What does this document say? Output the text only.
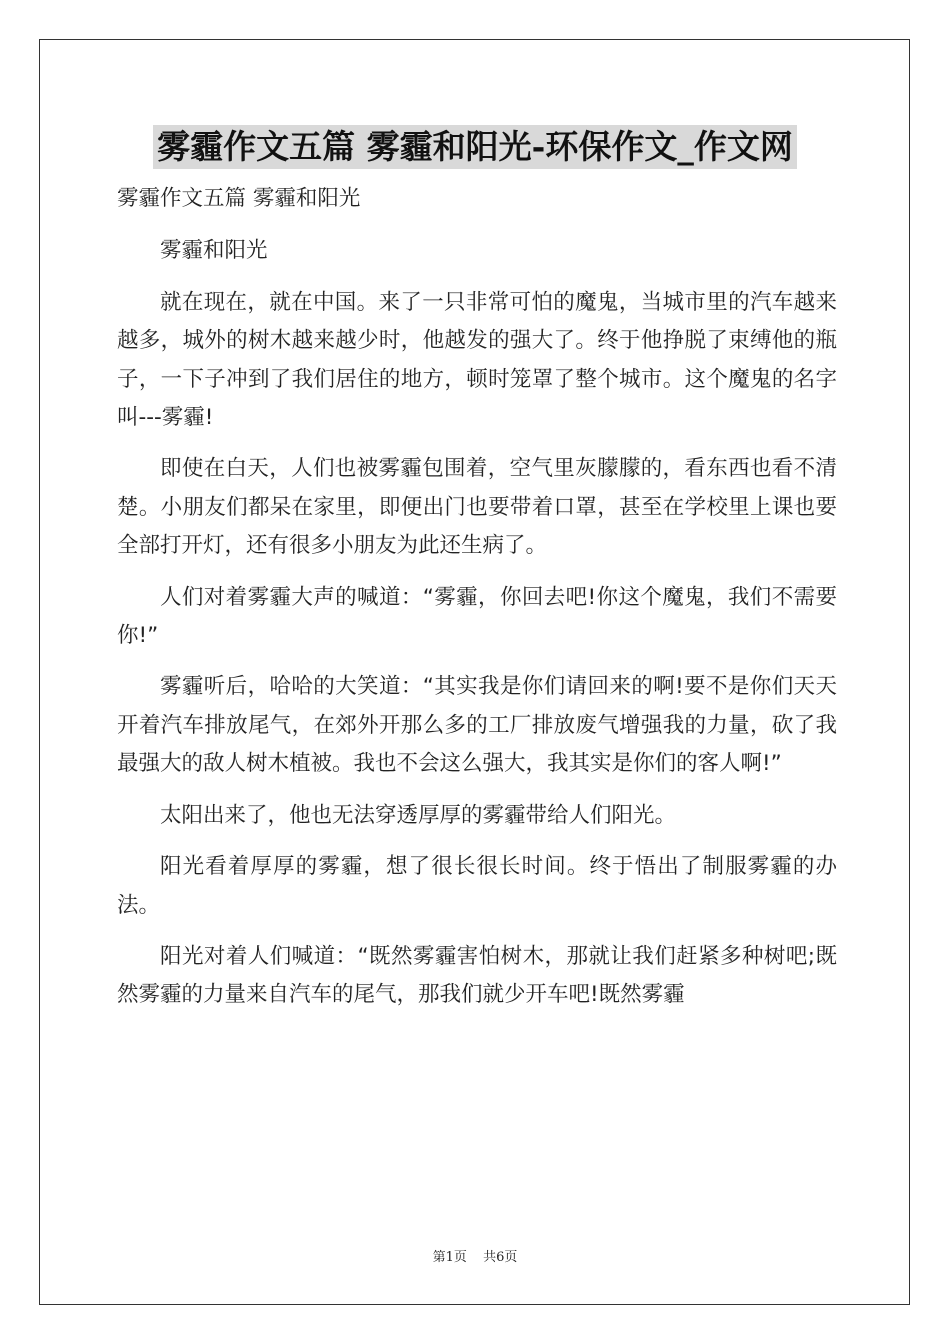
雾霾作文五篇 雾霾和阳光-环保作文_作文网

雾霾作文五篇 雾霾和阳光

雾霾和阳光

就在现在，就在中国。来了一只非常可怕的魔鬼，当城市里的汽车越来越多，城外的树木越来越少时，他越发的强大了。终于他挣脱了束缚他的瓶子，一下子冲到了我们居住的地方，顿时笼罩了整个城市。这个魔鬼的名字叫---雾霾!

即使在白天，人们也被雾霾包围着，空气里灰朦朦的，看东西也看不清楚。小朋友们都呆在家里，即便出门也要带着口罩，甚至在学校里上课也要全部打开灯，还有很多小朋友为此还生病了。

人们对着雾霾大声的喊道：“雾霾，你回去吧!你这个魔鬼，我们不需要你!”

雾霾听后，哈哈的大笑道：“其实我是你们请回来的啊!要不是你们天天开着汽车排放尾气，在郊外开那么多的工厂排放废气增强我的力量，砍了我最强大的敌人树木植被。我也不会这么强大，我其实是你们的客人啊!”

太阳出来了，他也无法穿透厚厚的雾霾带给人们阳光。

阳光看着厚厚的雾霾，想了很长很长时间。终于悟出了制服雾霾的办法。

阳光对着人们喊道：“既然雾霾害怕树木，那就让我们赶紧多种树吧;既然雾霾的力量来自汽车的尾气，那我们就少开车吧!既然雾霾

第1页 共6页
